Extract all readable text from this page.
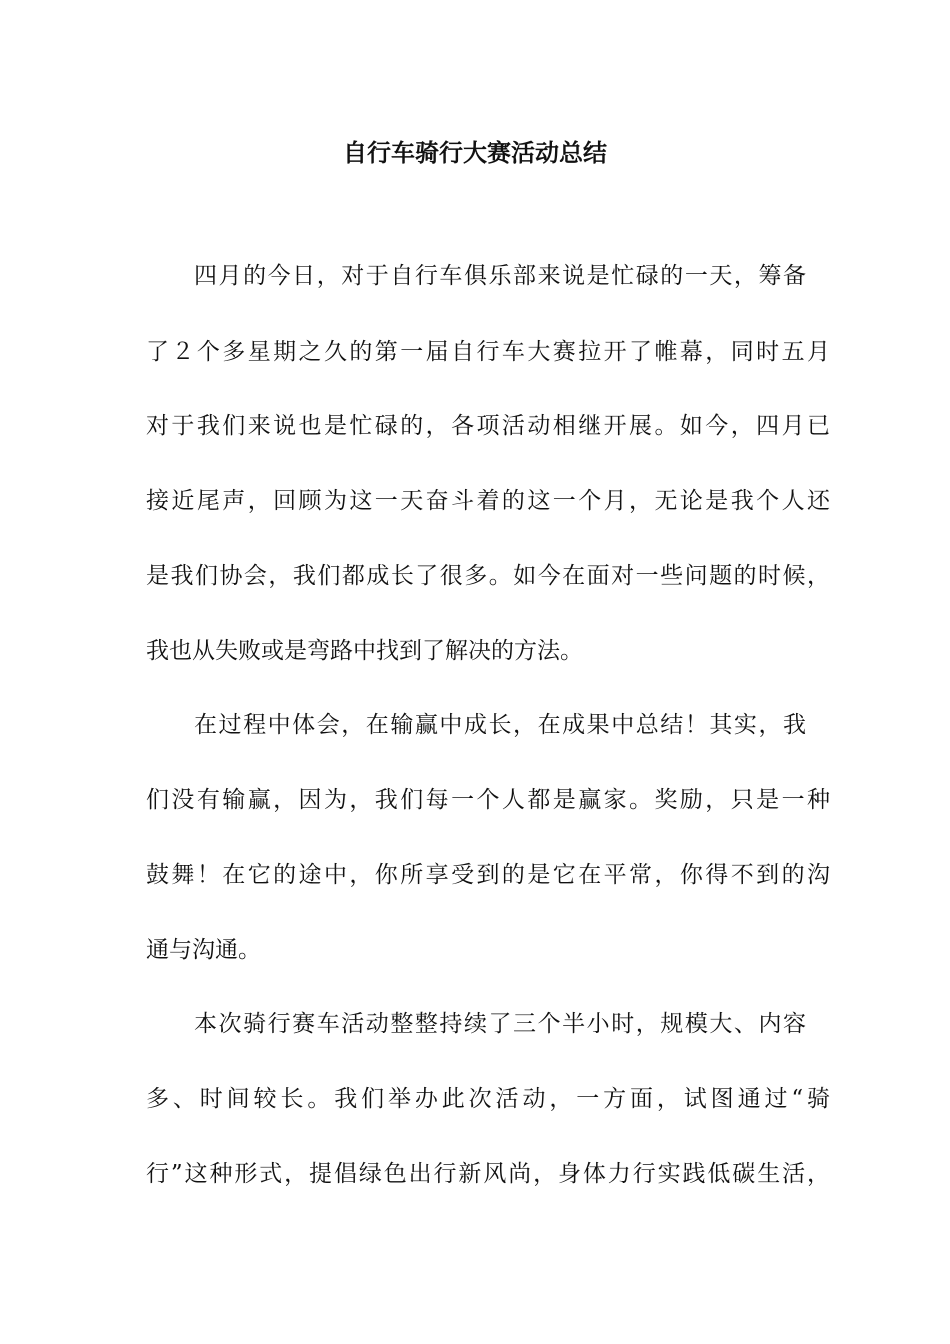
自行车骑行大赛活动总结

四月的今日，对于自行车俱乐部来说是忙碌的一天，筹备

了２个多星期之久的第一届自行车大赛拉开了帷幕，同时五月

对于我们来说也是忙碌的，各项活动相继开展。如今，四月已

接近尾声，回顾为这一天奋斗着的这一个月，无论是我个人还

是我们协会，我们都成长了很多。如今在面对一些问题的时候，

我也从失败或是弯路中找到了解决的方法。

在过程中体会，在输赢中成长，在成果中总结！其实，我

们没有输赢，因为，我们每一个人都是赢家。奖励，只是一种

鼓舞！在它的途中，你所享受到的是它在平常，你得不到的沟

通与沟通。

本次骑行赛车活动整整持续了三个半小时，规模大、内容

多、时间较长。我们举办此次活动，一方面，试图通过“骑

行”这种形式，提倡绿色出行新风尚，身体力行实践低碳生活，
